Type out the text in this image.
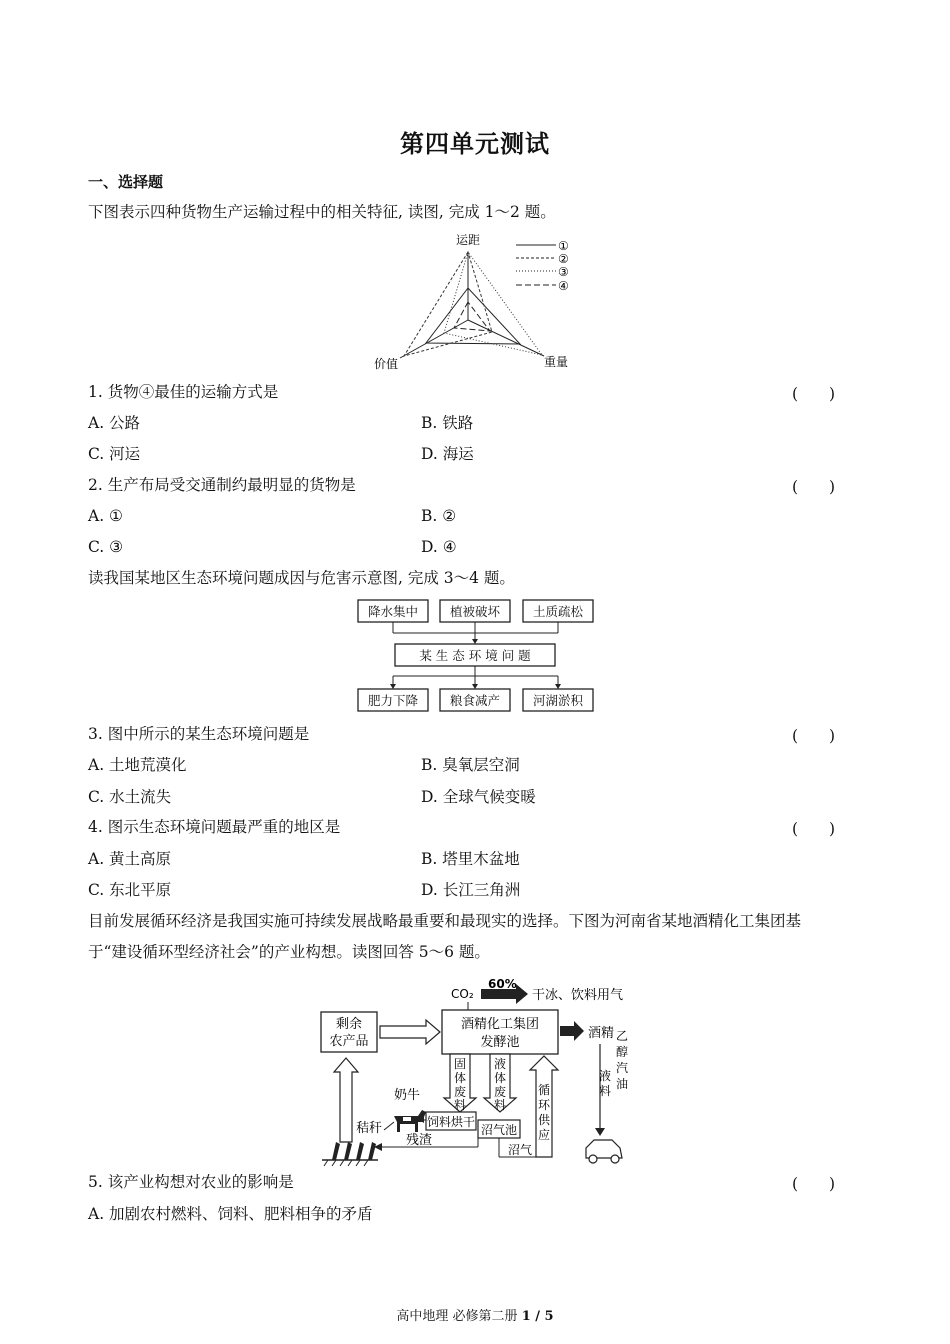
第四单元测试
一、选择题
下图表示四种货物生产运输过程中的相关特征, 读图, 完成 1～2 题。
运距
价值	重量
①
②
③
④
1. 货物④最佳的运输方式是	(　　)
A. 公路	B. 铁路
C. 河运	D. 海运
2. 生产布局受交通制约最明显的货物是	(　　)
A. ①	B. ②
C. ③	D. ④
读我国某地区生态环境问题成因与危害示意图, 完成 3～4 题。
降水集中	植被破坏	土质疏松
某 生 态 环 境 问 题
肥力下降	粮食减产	河湖淤积
3. 图中所示的某生态环境问题是	(　　)
A. 土地荒漠化	B. 臭氧层空洞
C. 水土流失	D. 全球气候变暖
4. 图示生态环境问题最严重的地区是	(　　)
A. 黄土高原	B. 塔里木盆地
C. 东北平原	D. 长江三角洲
目前发展循环经济是我国实施可持续发展战略最重要和最现实的选择。下图为河南省某地酒精化工集团基
于“建设循环型经济社会”的产业构想。读图回答 5～6 题。
CO₂
60%
干冰、饮料用气
剩余
农产品
酒精化工集团
发酵池
酒精
液
料
乙
醇
汽
油
固
体
废
料
液
体
废
料
循
环
供
应
饲料烘干
沼气池
沼气
奶牛
秸秆
残渣
5. 该产业构想对农业的影响是	(　　)
A. 加剧农村燃料、饲料、肥料相争的矛盾
高中地理 必修第二册 1 / 5
